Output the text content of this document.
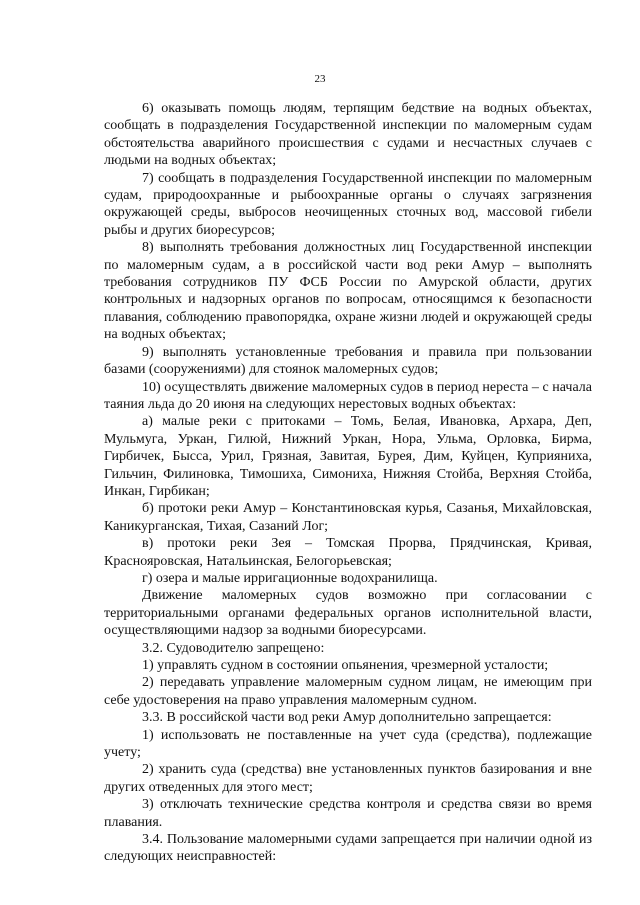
23

6) оказывать помощь людям, терпящим бедствие на водных объектах, сообщать в подразделения Государственной инспекции по маломерным судам обстоятельства аварийного происшествия с судами и несчастных случаев с людьми на водных объектах;

7) сообщать в подразделения Государственной инспекции по маломерным судам, природоохранные и рыбоохранные органы о случаях загрязнения окружающей среды, выбросов неочищенных сточных вод, массовой гибели рыбы и других биоресурсов;

8) выполнять требования должностных лиц Государственной инспекции по маломерным судам, а в российской части вод реки Амур – выполнять требования сотрудников ПУ ФСБ России по Амурской области, других контрольных и надзорных органов по вопросам, относящимся к безопасности плавания, соблюдению правопорядка, охране жизни людей и окружающей среды на водных объектах;

9) выполнять установленные требования и правила при пользовании базами (сооружениями) для стоянок маломерных судов;

10) осуществлять движение маломерных судов в период нереста – с начала таяния льда до 20 июня на следующих нерестовых водных объектах:

а) малые реки с притоками – Томь, Белая, Ивановка, Архара, Деп, Мульмуга, Уркан, Гилюй, Нижний Уркан, Нора, Ульма, Орловка, Бирма, Гирбичек, Бысса, Урил, Грязная, Завитая, Бурея, Дим, Куйцен, Куприяниха, Гильчин, Филиновка, Тимошиха, Симониха, Нижняя Стойба, Верхняя Стойба, Инкан, Гирбикан;

б) протоки реки Амур – Константиновская курья, Сазанья, Михайловская, Каникурганская, Тихая, Сазаний Лог;

в) протоки реки Зея – Томская Прорва, Прядчинская, Кривая, Краснояровская, Натальинская, Белогорьевская;

г) озера и малые ирригационные водохранилища.

Движение маломерных судов возможно при согласовании с территориальными органами федеральных органов исполнительной власти, осуществляющими надзор за водными биоресурсами.

3.2. Судоводителю запрещено:

1) управлять судном в состоянии опьянения, чрезмерной усталости;

2) передавать управление маломерным судном лицам, не имеющим при себе удостоверения на право управления маломерным судном.

3.3. В российской части вод реки Амур дополнительно запрещается:

1) использовать не поставленные на учет суда (средства), подлежащие учету;

2) хранить суда (средства) вне установленных пунктов базирования и вне других отведенных для этого мест;

3) отключать технические средства контроля и средства связи во время плавания.

3.4. Пользование маломерными судами запрещается при наличии одной из следующих неисправностей:
